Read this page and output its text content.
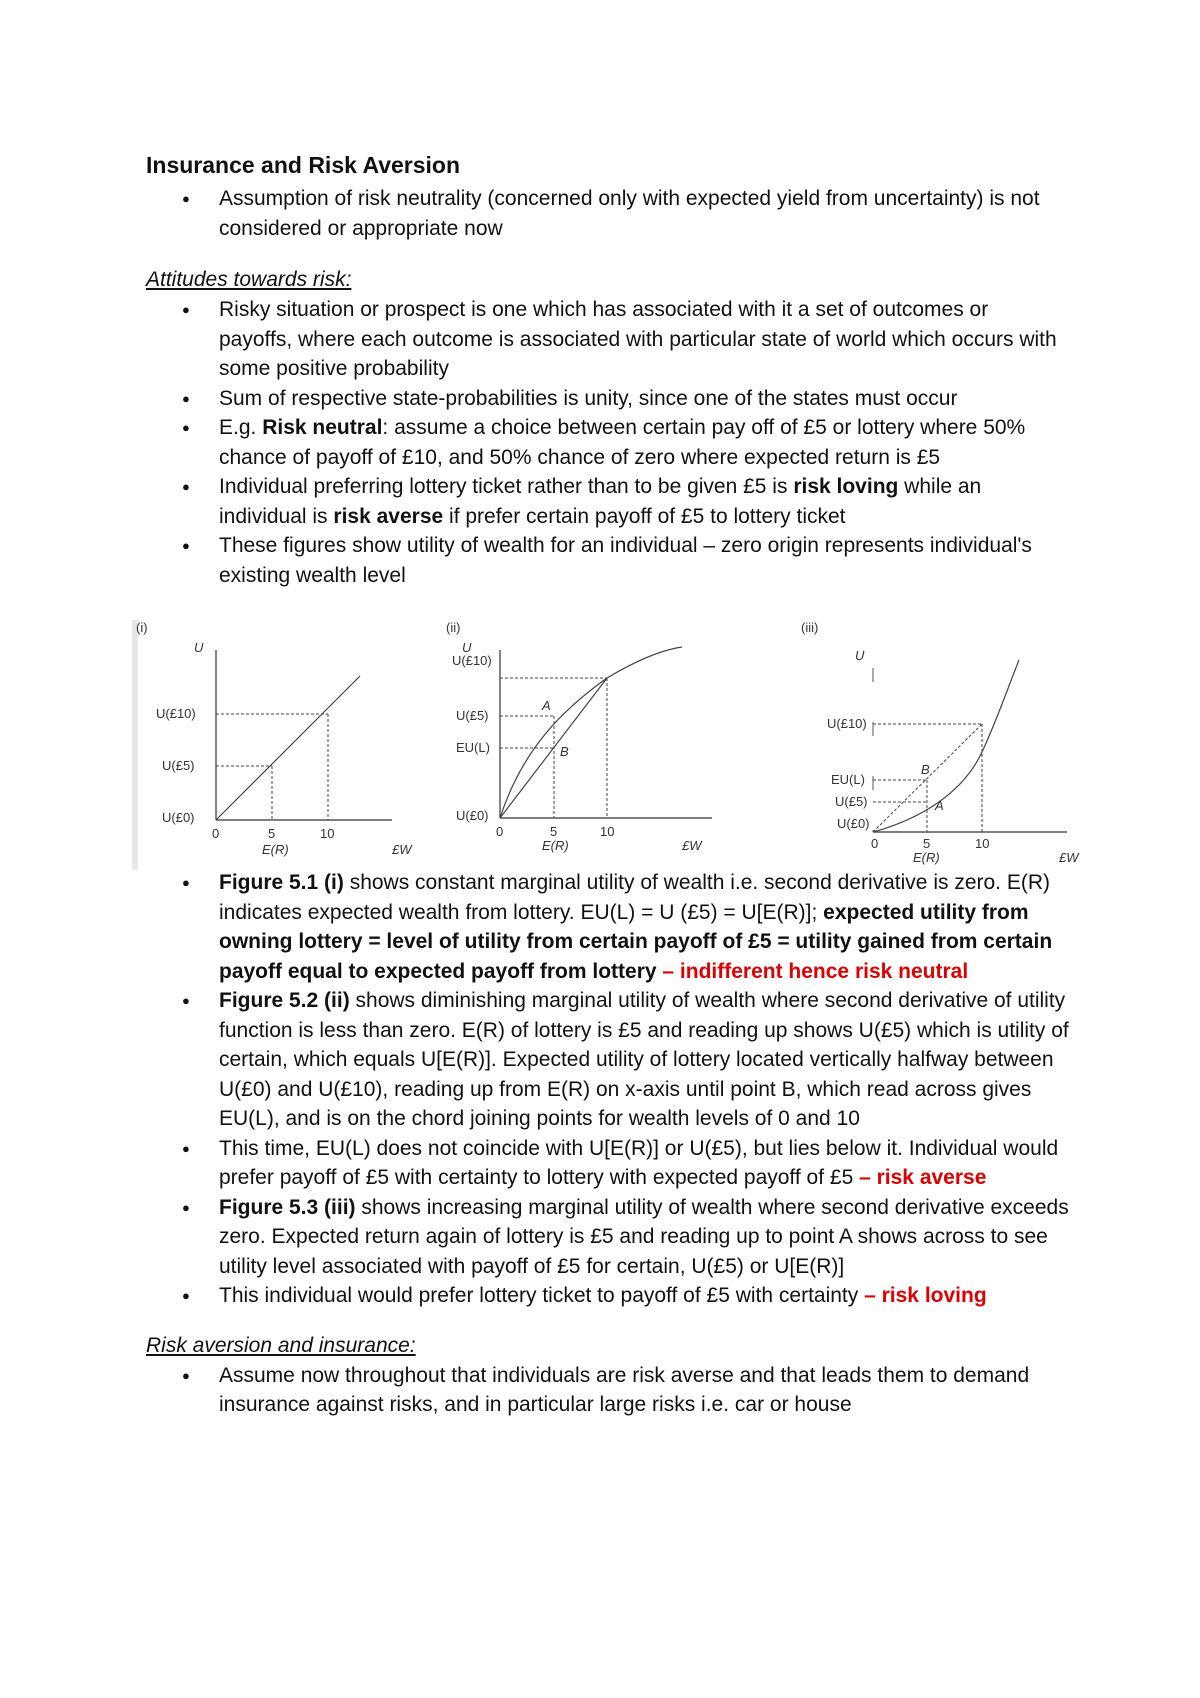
Insurance and Risk Aversion
● Assumption of risk neutrality (concerned only with expected yield from uncertainty) is not considered or appropriate now
Attitudes towards risk:
● Risky situation or prospect is one which has associated with it a set of outcomes or payoffs, where each outcome is associated with particular state of world which occurs with some positive probability
● Sum of respective state-probabilities is unity, since one of the states must occur
● E.g. Risk neutral: assume a choice between certain pay off of £5 or lottery where 50% chance of payoff of £10, and 50% chance of zero where expected return is £5
● Individual preferring lottery ticket rather than to be given £5 is risk loving while an individual is risk averse if prefer certain payoff of £5 to lottery ticket
● These figures show utility of wealth for an individual – zero origin represents individual's existing wealth level
(i)
U
U(£10)
U(£5)
U(£0)
0	5	10
E(R)	£W
(ii)
U
U(£10)
U(£5)
EU(L)
U(£0)
A
B
0	5	10
E(R)	£W
(iii)
U
U(£10)
EU(L)
U(£5)
U(£0)
B
A
0	5	10
E(R)	£W
● Figure 5.1 (i) shows constant marginal utility of wealth i.e. second derivative is zero. E(R) indicates expected wealth from lottery. EU(L) = U (£5) = U[E(R)]; expected utility from owning lottery = level of utility from certain payoff of £5 = utility gained from certain payoff equal to expected payoff from lottery – indifferent hence risk neutral
● Figure 5.2 (ii) shows diminishing marginal utility of wealth where second derivative of utility function is less than zero. E(R) of lottery is £5 and reading up shows U(£5) which is utility of certain, which equals U[E(R)]. Expected utility of lottery located vertically halfway between U(£0) and U(£10), reading up from E(R) on x-axis until point B, which read across gives EU(L), and is on the chord joining points for wealth levels of 0 and 10
● This time, EU(L) does not coincide with U[E(R)] or U(£5), but lies below it. Individual would prefer payoff of £5 with certainty to lottery with expected payoff of £5 – risk averse
● Figure 5.3 (iii) shows increasing marginal utility of wealth where second derivative exceeds zero. Expected return again of lottery is £5 and reading up to point A shows across to see utility level associated with payoff of £5 for certain, U(£5) or U[E(R)]
● This individual would prefer lottery ticket to payoff of £5 with certainty – risk loving
Risk aversion and insurance:
● Assume now throughout that individuals are risk averse and that leads them to demand insurance against risks, and in particular large risks i.e. car or house
